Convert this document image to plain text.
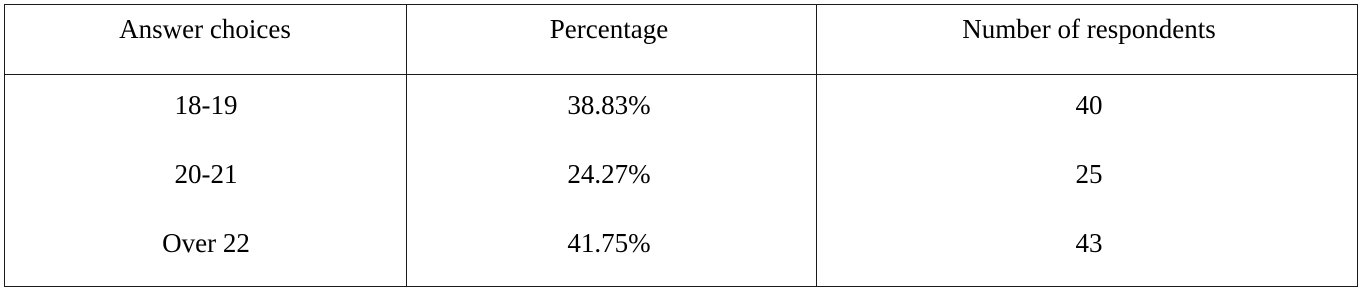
Answer choices	Percentage	Number of respondents
18-19	38.83%	40
20-21	24.27%	25
Over 22	41.75%	43
